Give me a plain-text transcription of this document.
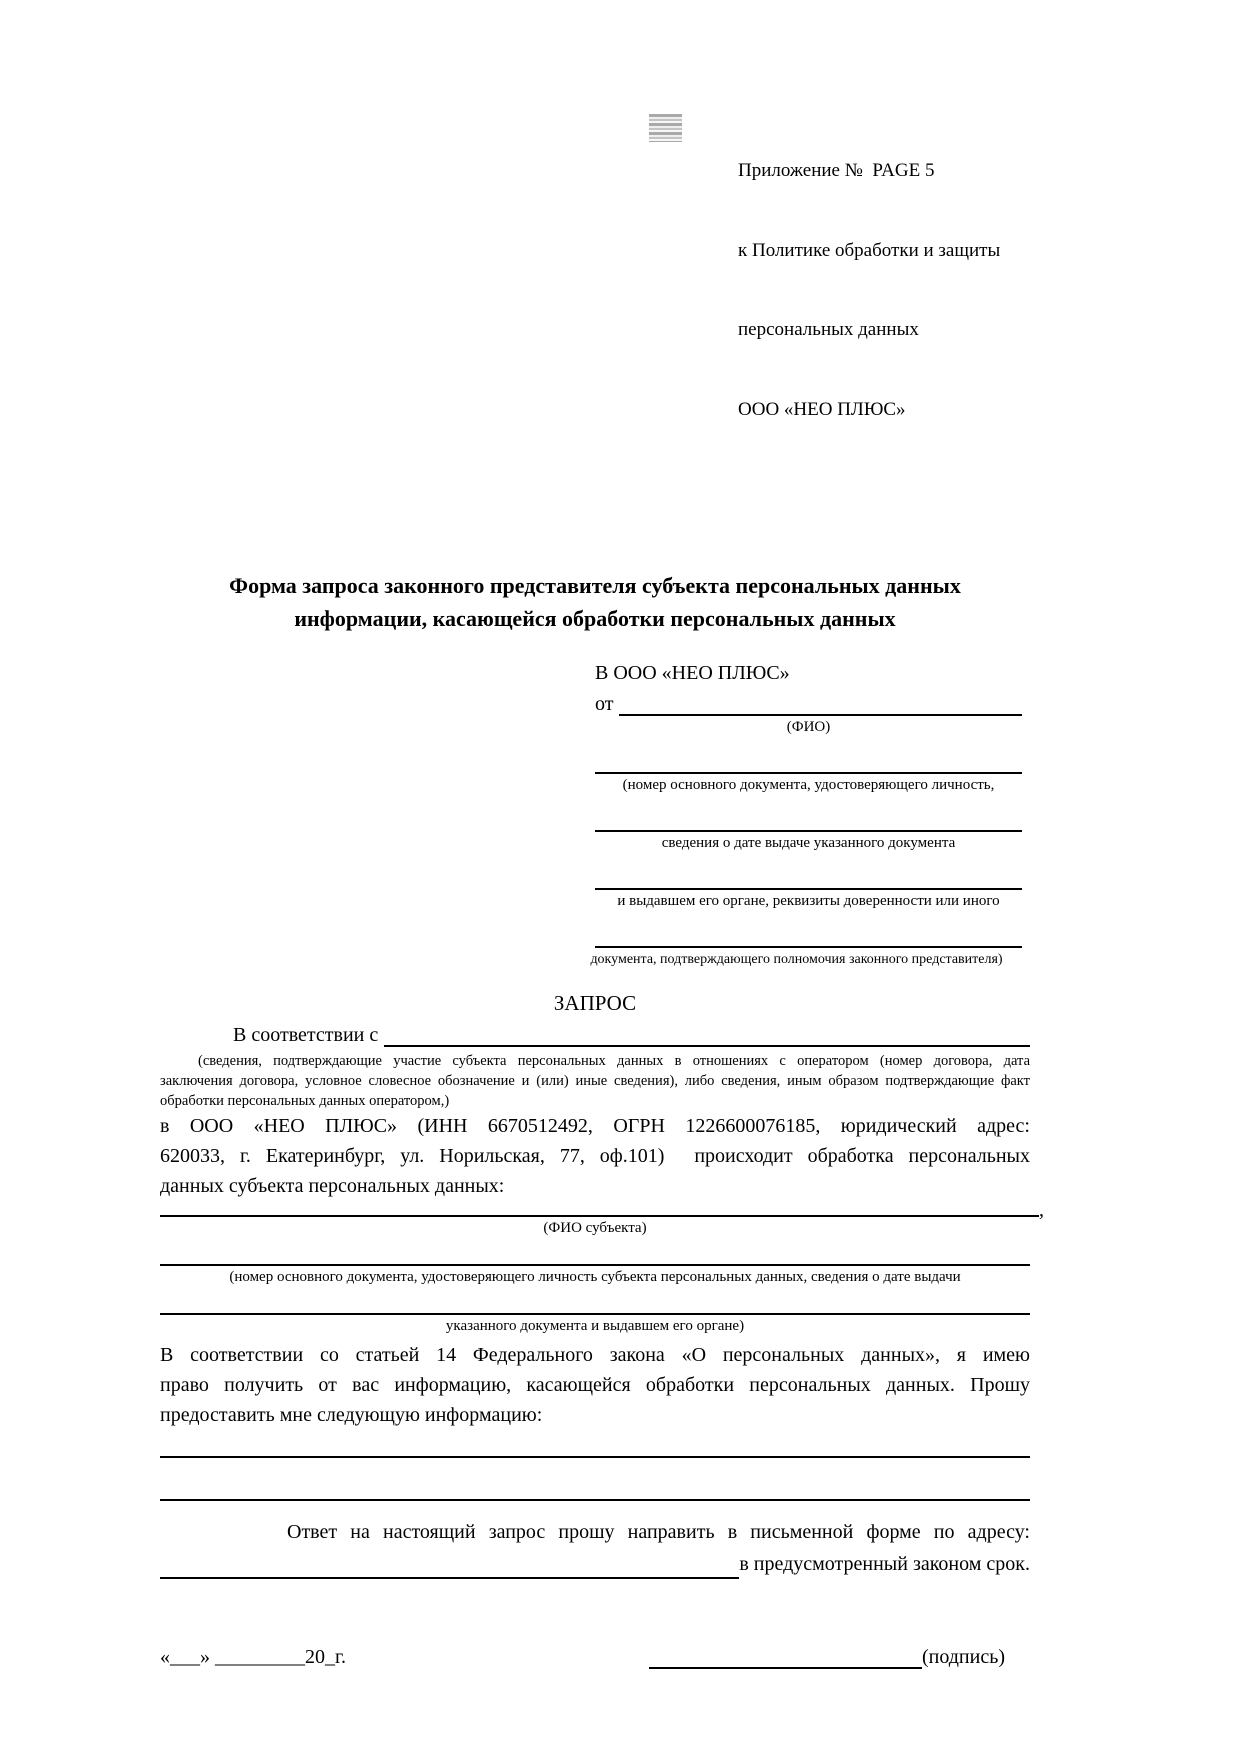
Приложение №  PAGE 5

к Политике обработки и защиты

персональных данных

ООО «НЕО ПЛЮС»

Форма запроса законного представителя субъекта персональных данных
информации, касающейся обработки персональных данных
В ООО «НЕО ПЛЮС»
от
(ФИО)
(номер основного документа, удостоверяющего личность,
сведения о дате выдаче указанного документа
и выдавшем его органе, реквизиты доверенности или иного
документа, подтверждающего полномочия законного представителя)
ЗАПРОС
В соответствии с
(сведения, подтверждающие участие субъекта персональных данных в отношениях с оператором (номер договора, дата
заключения договора, условное словесное обозначение и (или) иные сведения), либо сведения, иным образом подтверждающие факт
обработки персональных данных оператором,)
в ООО «НЕО ПЛЮС» (ИНН 6670512492, ОГРН 1226600076185, юридический адрес:
620033, г. Екатеринбург, ул. Норильская, 77, оф.101)  происходит обработка персональных
данных субъекта персональных данных:
,
(ФИО субъекта)
(номер основного документа, удостоверяющего личность субъекта персональных данных, сведения о дате выдачи
указанного документа и выдавшем его органе)
В соответствии со статьей 14 Федерального закона «О персональных данных», я имею
право получить от вас информацию, касающейся обработки персональных данных. Прошу
предоставить мне следующую информацию:
Ответ на настоящий запрос прошу направить в письменной форме по адресу:
в предусмотренный законом срок.
«___» _________20_г.	(подпись)
